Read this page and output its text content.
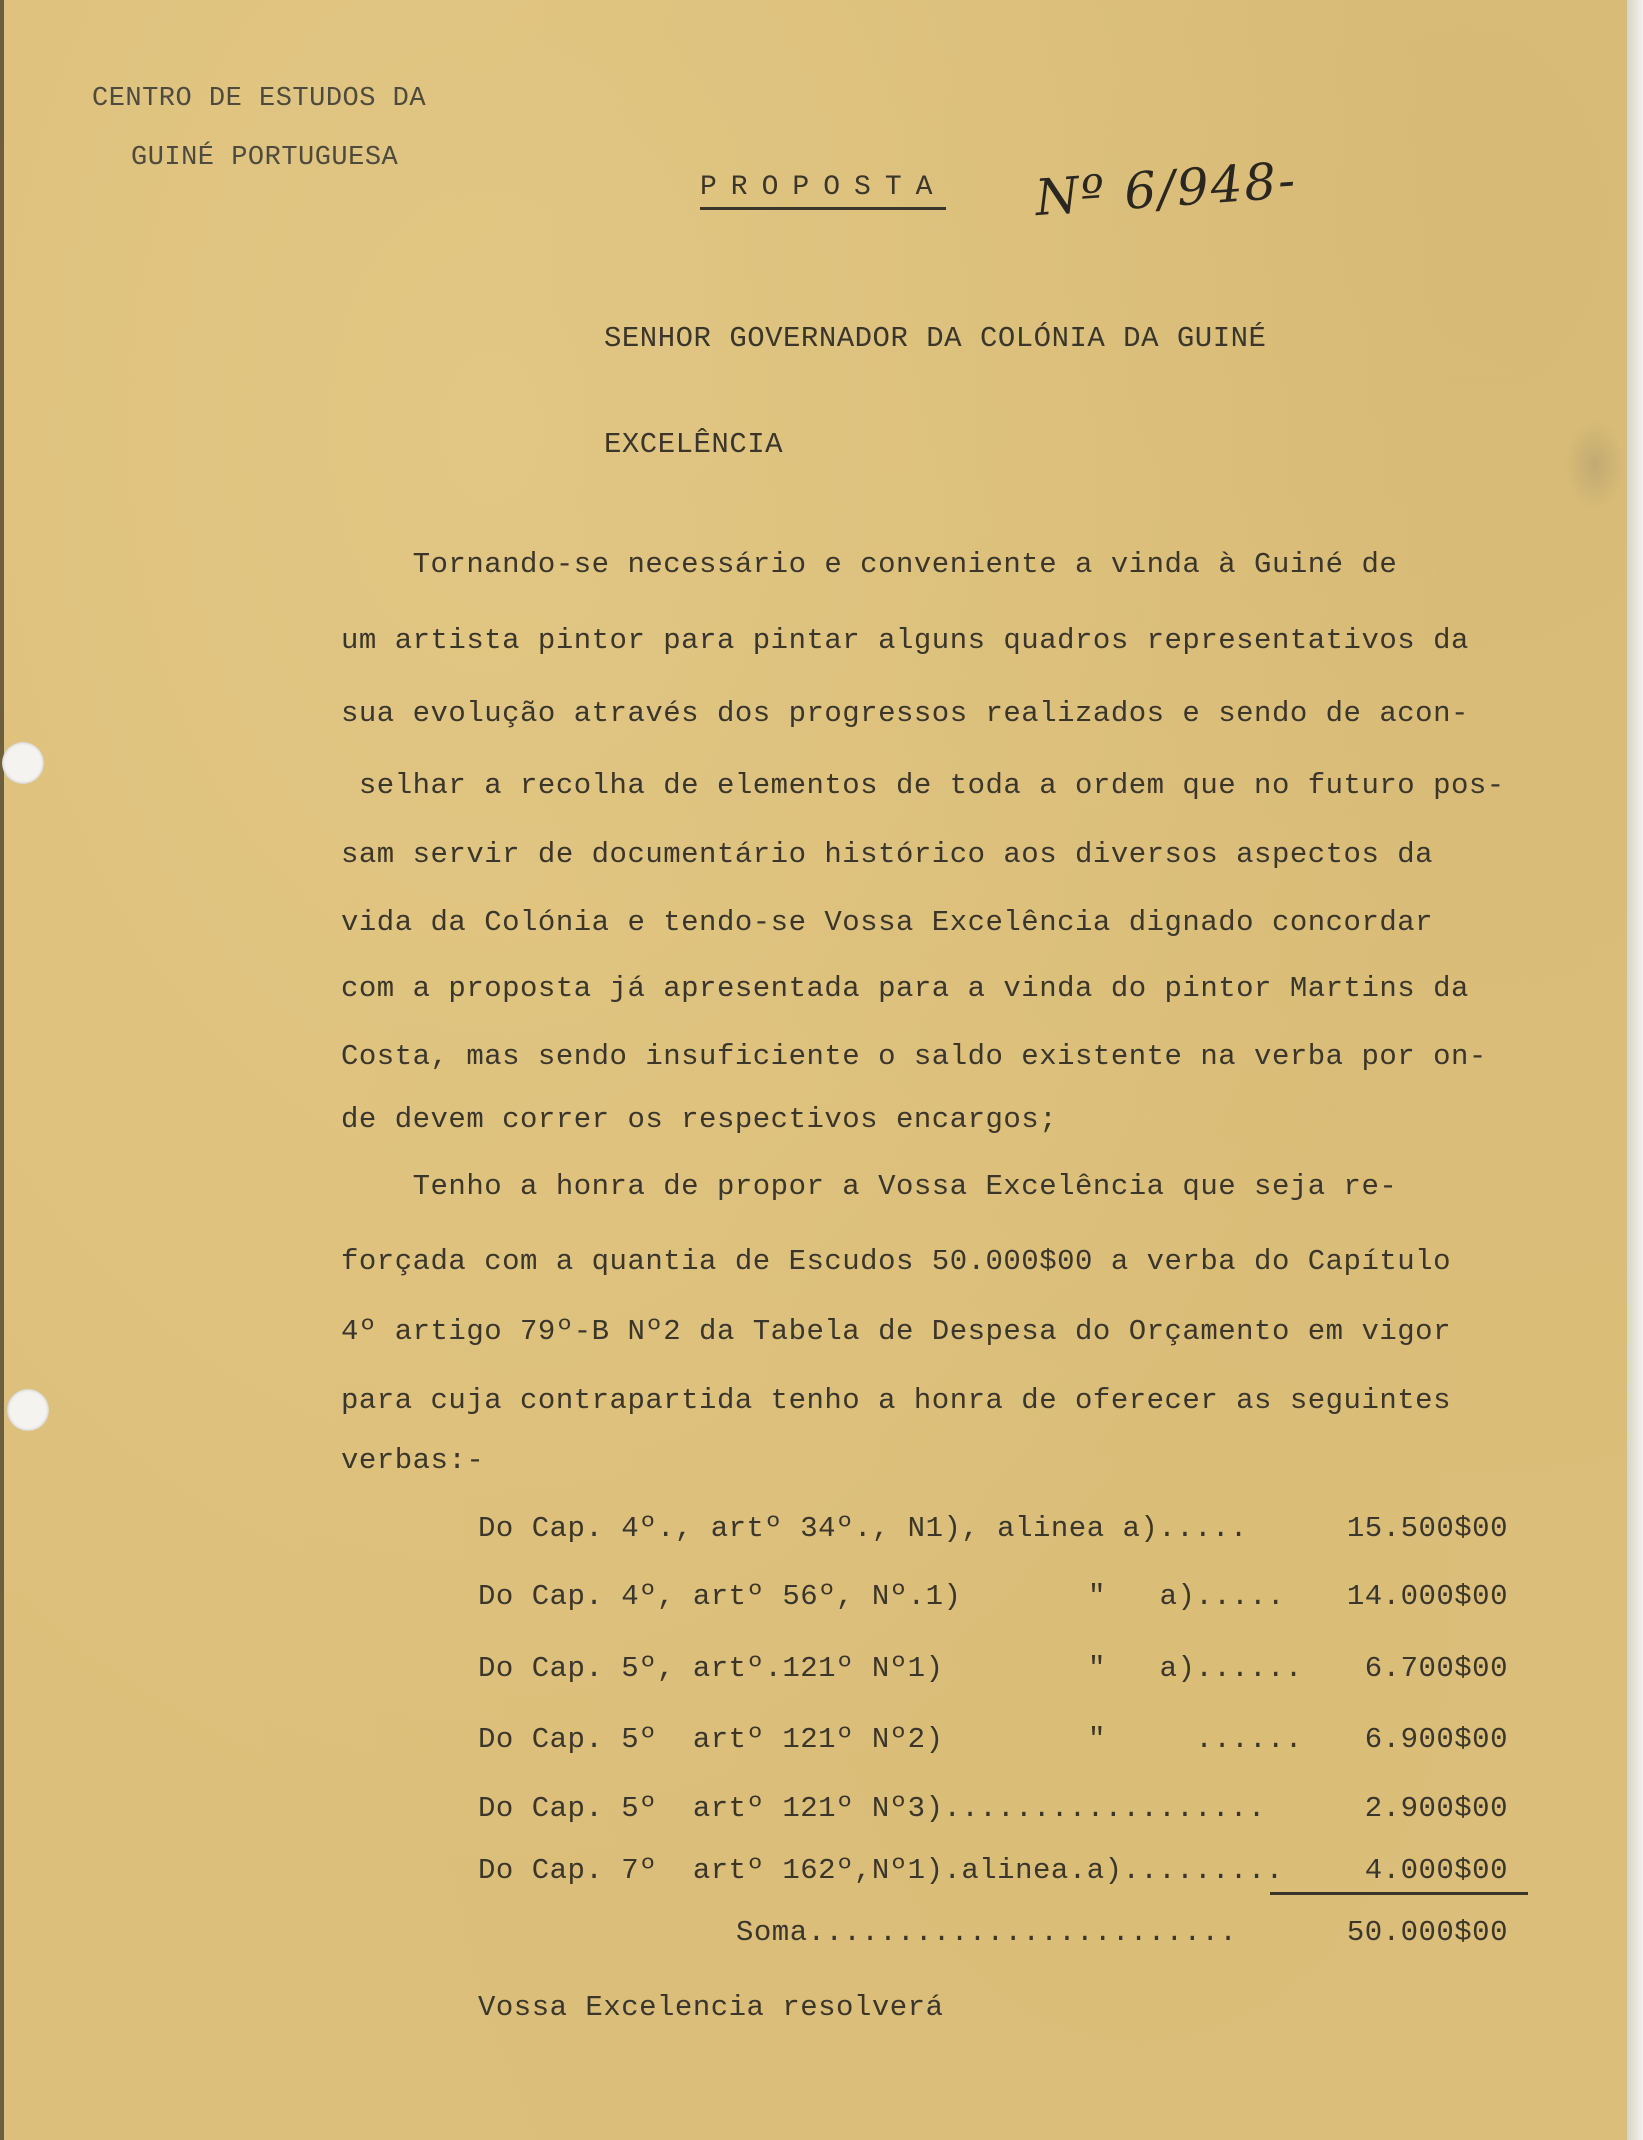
CENTRO DE ESTUDOS DA
GUINÉ PORTUGUESA
PROPOSTA Nº 6/948-
SENHOR GOVERNADOR DA COLÓNIA DA GUINÉ
EXCELÊNCIA
Tornando-se necessário e conveniente a vinda à Guiné de
um artista pintor para pintar alguns quadros representativos da
sua evolução através dos progressos realizados e sendo de acon-
selhar a recolha de elementos de toda a ordem que no futuro pos-
sam servir de documentário histórico aos diversos aspectos da
vida da Colónia e tendo-se Vossa Excelência dignado concordar
com a proposta já apresentada para a vinda do pintor Martins da
Costa, mas sendo insuficiente o saldo existente na verba por on-
de devem correr os respectivos encargos;
Tenho a honra de propor a Vossa Excelência que seja re-
forçada com a quantia de Escudos 50.000$00 a verba do Capítulo
4º artigo 79º-B Nº2 da Tabela de Despesa do Orçamento em vigor
para cuja contrapartida tenho a honra de oferecer as seguintes
verbas:-
Do Cap. 4º., artº 34º., N1), alinea a).....	15.500$00
Do Cap. 4º, artº 56º, Nº.1)	"   a)..... 14.000$00
Do Cap. 5º, artº.121º Nº1)	"   a)...... 6.700$00
Do Cap. 5º  artº 121º Nº2)	"     ...... 6.900$00
Do Cap. 5º  artº 121º Nº3)..................	2.900$00
Do Cap. 7º  artº 162º,Nº1).alinea.a).........	4.000$00
Soma........................	50.000$00
Vossa Excelencia resolverá
